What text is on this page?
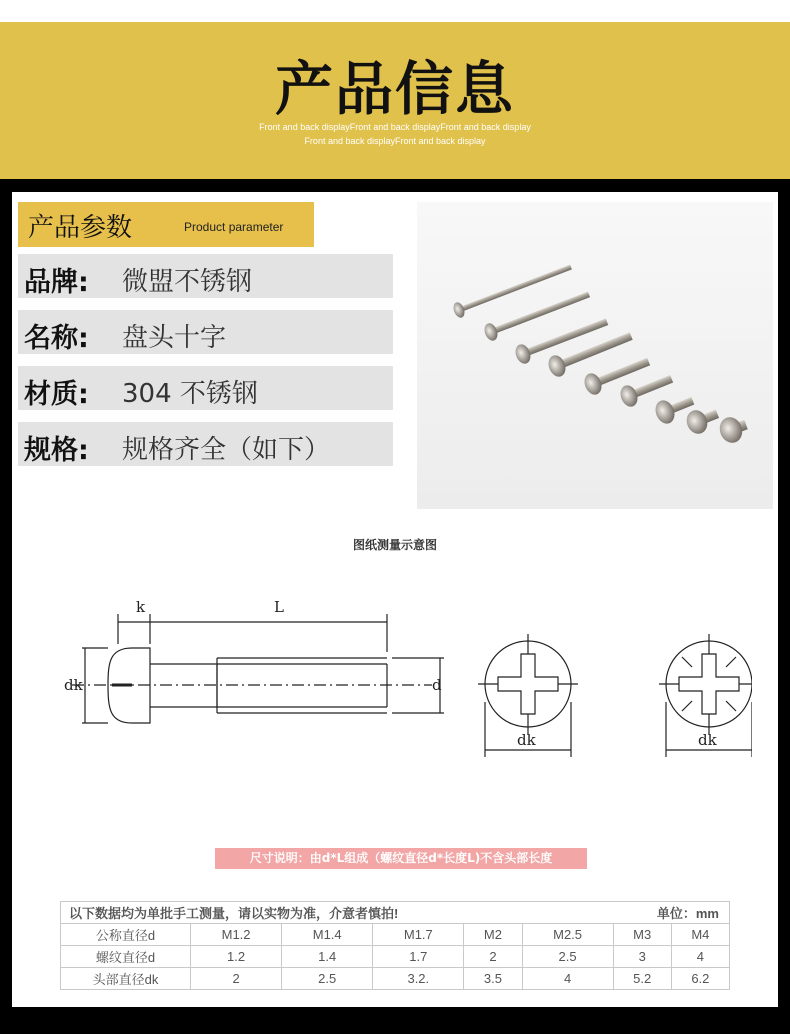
产品信息
Front and back displayFront and back displayFront and back display
Front and back displayFront and back display
产品参数	Product parameter
品牌: 微盟不锈钢
名称: 盘头十字
材质: 304 不锈钢
规格: 规格齐全（如下）
图纸测量示意图
k	L
dk	d
dk	dk
尺寸说明：由d*L组成（螺纹直径d*长度L)不含头部长度
以下数据均为单批手工测量，请以实物为准，介意者慎拍! 单位：mm							

公称直径d	M1.2	M1.4	M1.7	M2	M2.5	M3	M4
螺纹直径d	1.2	1.4	1.7	2	2.5	3	4
头部直径dk	2	2.5	3.2.	3.5	4	5.2	6.2
